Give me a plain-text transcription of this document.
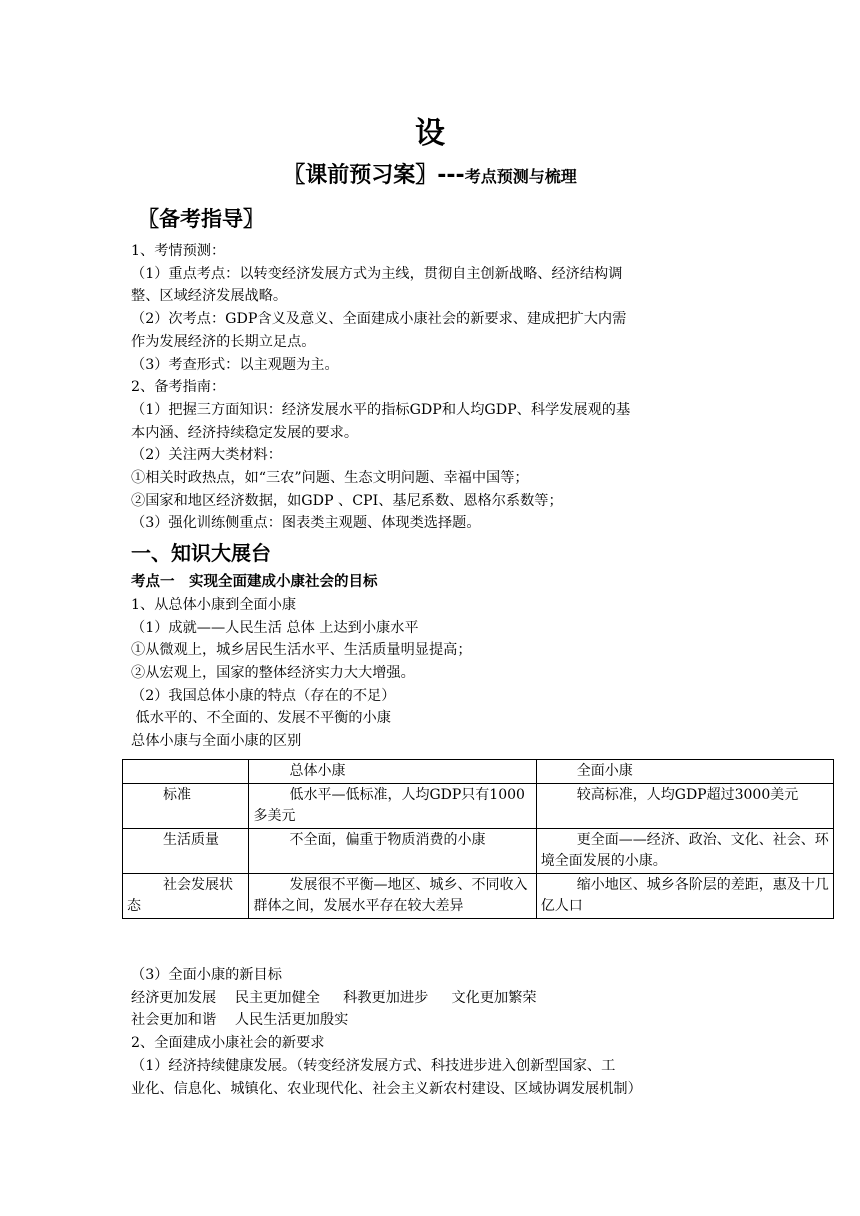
设
〖课前预习案〗---考点预测与梳理
〖备考指导〗

1、考情预测：

（1）重点考点：以转变经济发展方式为主线，贯彻自主创新战略、经济结构调

整、区域经济发展战略。

（2）次考点：GDP含义及意义、全面建成小康社会的新要求、建成把扩大内需

作为发展经济的长期立足点。

（3）考查形式：以主观题为主。

2、备考指南：

（1）把握三方面知识：经济发展水平的指标GDP和人均GDP、科学发展观的基

本内涵、经济持续稳定发展的要求。

（2）关注两大类材料：

①相关时政热点，如“三农”问题、生态文明问题、幸福中国等；

②国家和地区经济数据，如GDP 、CPI、基尼系数、恩格尔系数等；

（3）强化训练侧重点：图表类主观题、体现类选择题。

一、知识大展台

考点一　实现全面建成小康社会的目标

1、从总体小康到全面小康

（1）成就——人民生活 总体 上达到小康水平

①从微观上，城乡居民生活水平、生活质量明显提高；

②从宏观上，国家的整体经济实力大大增强。

（2）我国总体小康的特点（存在的不足）

低水平的、不全面的、发展不平衡的小康

总体小康与全面小康的区别

	总体小康	全面小康
标准	低水平—低标准，人均GDP只有1000多美元	较高标准，人均GDP超过3000美元
生活质量	不全面，偏重于物质消费的小康	更全面——经济、政治、文化、社会、环境全面发展的小康。
社会发展状态	发展很不平衡—地区、城乡、不同收入群体之间，发展水平存在较大差异	缩小地区、城乡各阶层的差距，惠及十几亿人口

（3）全面小康的新目标

经济更加发展　 民主更加健全　  科教更加进步 　 文化更加繁荣

社会更加和谐 　人民生活更加殷实

2、全面建成小康社会的新要求

（1）经济持续健康发展。（转变经济发展方式、科技进步进入创新型国家、工

业化、信息化、城镇化、农业现代化、社会主义新农村建设、区域协调发展机制）
